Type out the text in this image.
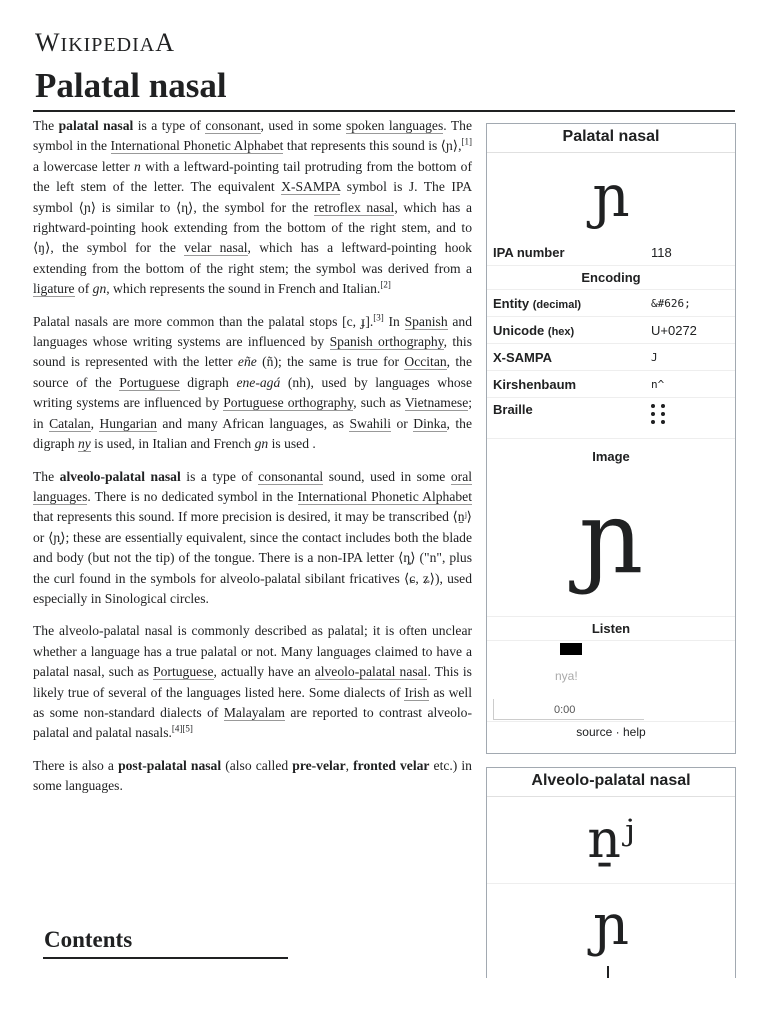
WIKIPEDIAA
Palatal nasal

The palatal nasal is a type of consonant, used in some spoken languages. The symbol in the International Phonetic Alphabet that represents this sound is ⟨ɲ⟩,[1] a lowercase letter n with a leftward-pointing tail protruding from the bottom of the left stem of the letter. The equivalent X-SAMPA symbol is J. The IPA symbol ⟨ɲ⟩ is similar to ⟨ɳ⟩, the symbol for the retroflex nasal, which has a rightward-pointing hook extending from the bottom of the right stem, and to ⟨ŋ⟩, the symbol for the velar nasal, which has a leftward-pointing hook extending from the bottom of the right stem; the symbol was derived from a ligature of gn, which represents the sound in French and Italian.[2]

Palatal nasals are more common than the palatal stops [c, ɟ].[3] In Spanish and languages whose writing systems are influenced by Spanish orthography, this sound is represented with the letter eñe (ñ); the same is true for Occitan, the source of the Portuguese digraph ene-agá (nh), used by languages whose writing systems are influenced by Portuguese orthography, such as Vietnamese; in Catalan, Hungarian and many African languages, as Swahili or Dinka, the digraph ny is used, in Italian and French gn is used .

The alveolo-palatal nasal is a type of consonantal sound, used in some oral languages. There is no dedicated symbol in the International Phonetic Alphabet that represents this sound. If more precision is desired, it may be transcribed ⟨n̠ʲ⟩ or ⟨ɲ̟⟩; these are essentially equivalent, since the contact includes both the blade and body (but not the tip) of the tongue. There is a non-IPA letter ⟨ȵ⟩ ("n", plus the curl found in the symbols for alveolo-palatal sibilant fricatives ⟨ɕ, ʑ⟩), used especially in Sinological circles.

The alveolo-palatal nasal is commonly described as palatal; it is often unclear whether a language has a true palatal or not. Many languages claimed to have a palatal nasal, such as Portuguese, actually have an alveolo-palatal nasal. This is likely true of several of the languages listed here. Some dialects of Irish as well as some non-standard dialects of Malayalam are reported to contrast alveolo-palatal and palatal nasals.[4][5]

There is also a post-palatal nasal (also called pre-velar, fronted velar etc.) in some languages.

Contents
Palatal nasal
ɲ
IPA number	118
Encoding
Entity (decimal)	&#626;
Unicode (hex)	U+0272
X-SAMPA	J
Kirshenbaum	n^
Braille
Image
ɲ
Listen
nya!
0:00
source · help
Alveolo-palatal nasal
n̠ʲ
ɲ
